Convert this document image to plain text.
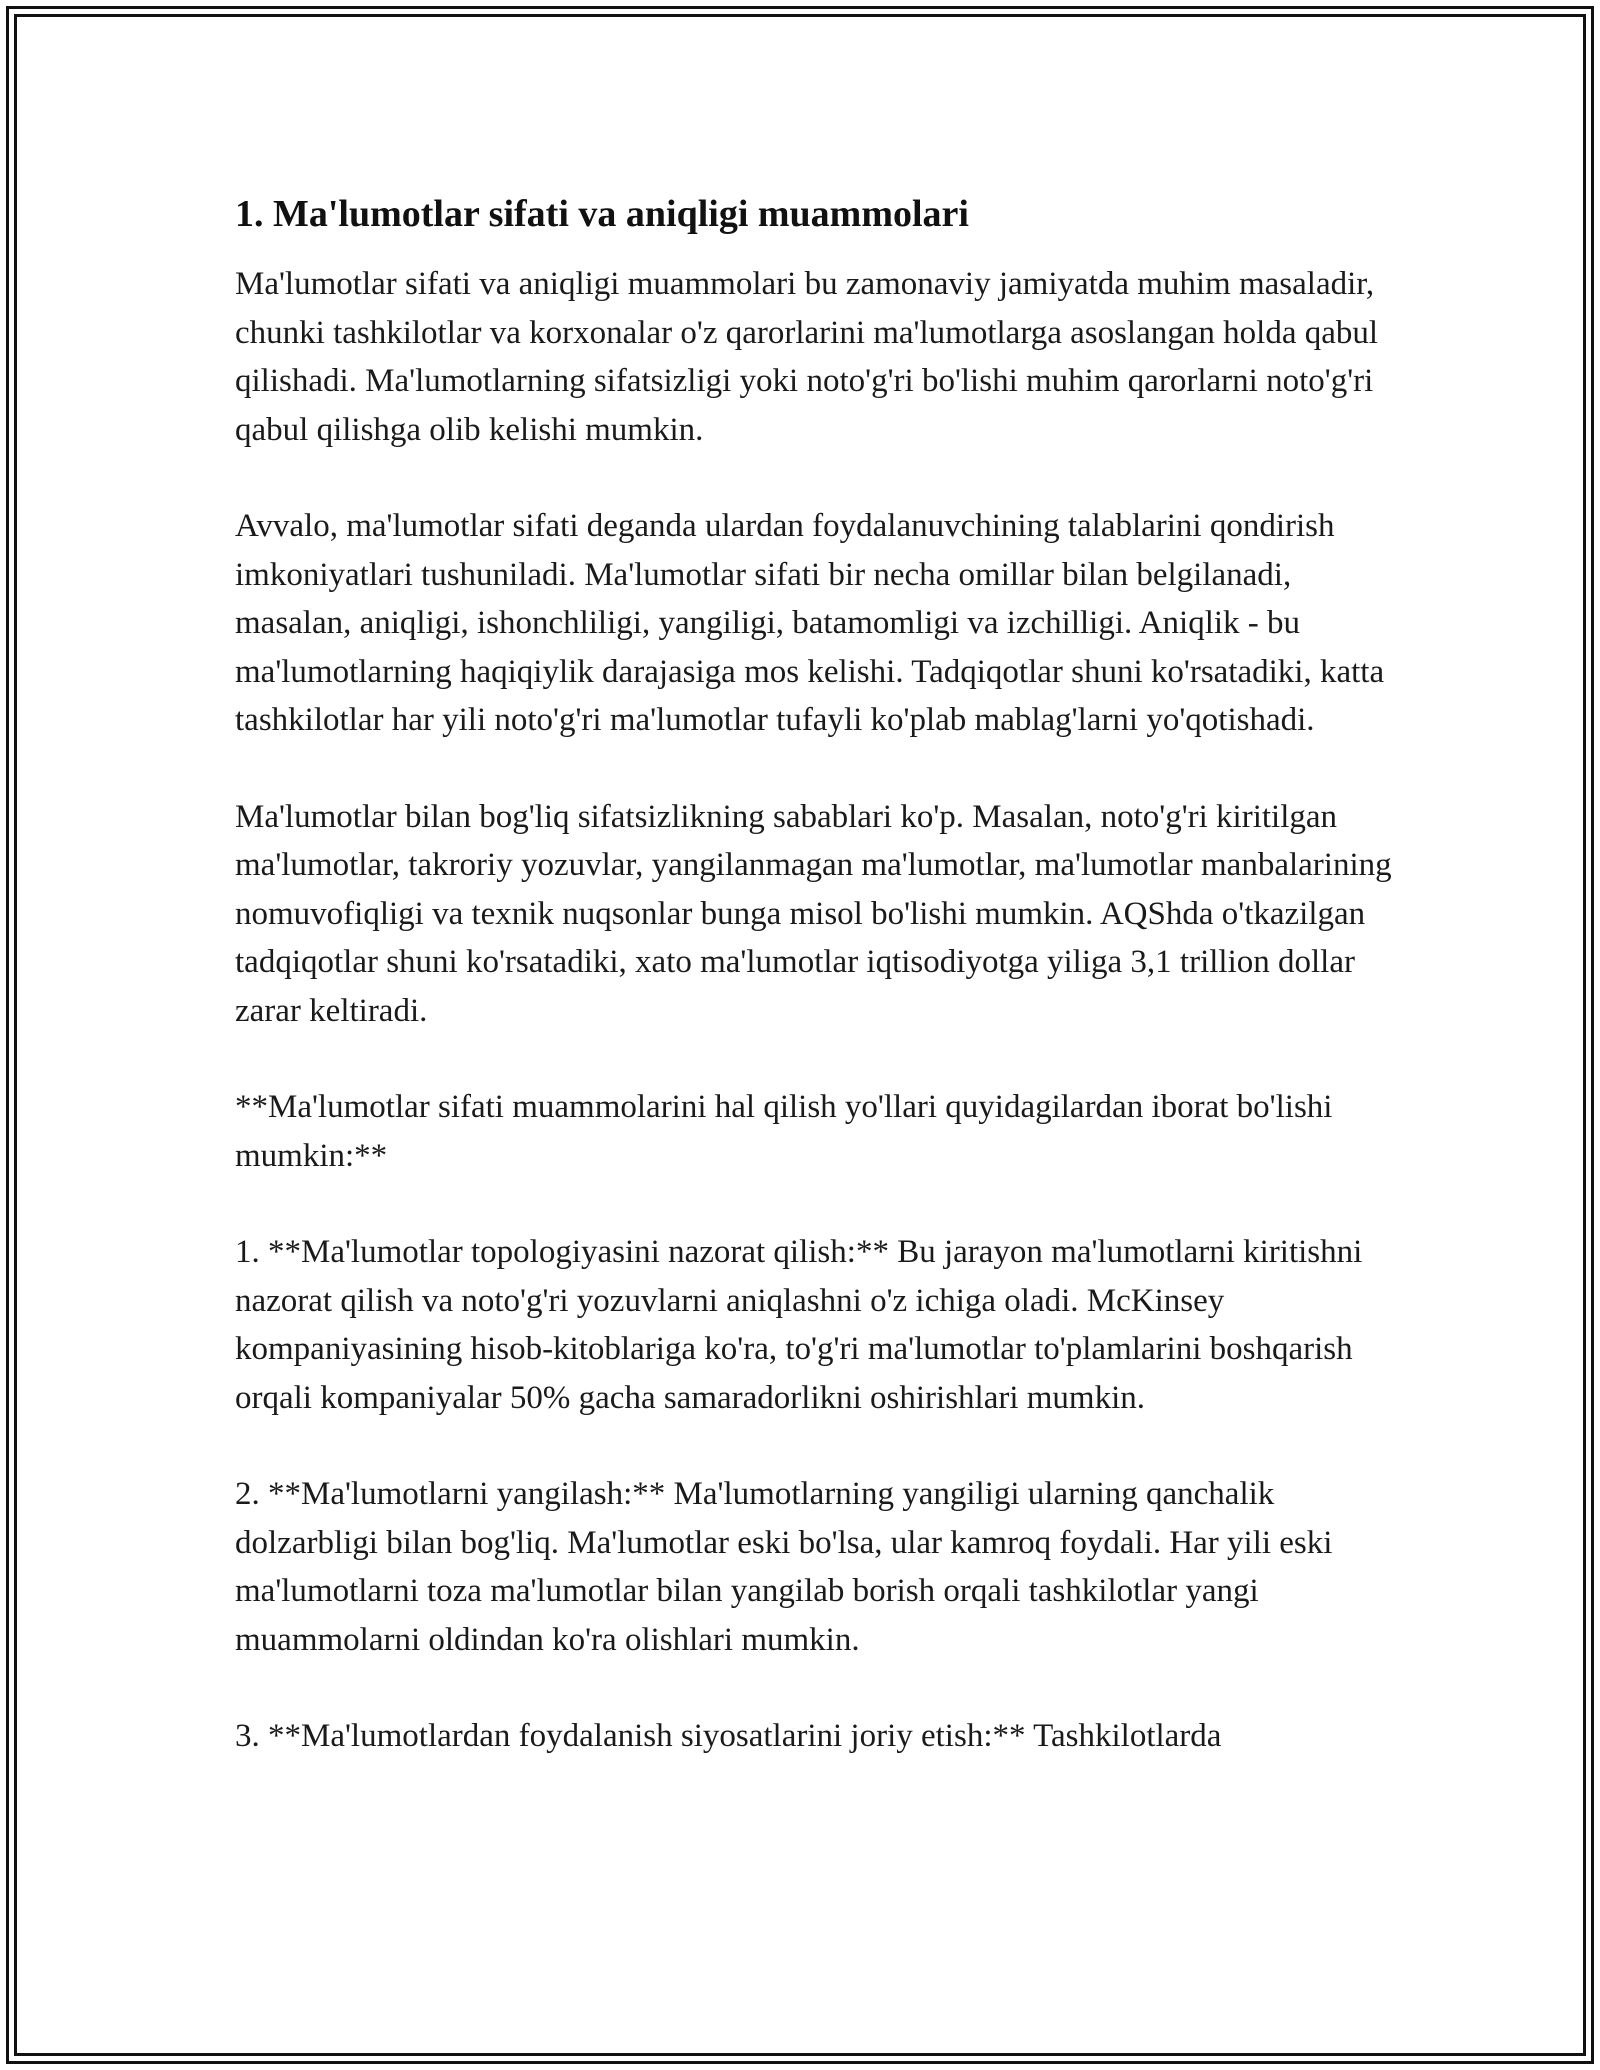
1. Ma'lumotlar sifati va aniqligi muammolari

Ma'lumotlar sifati va aniqligi muammolari bu zamonaviy jamiyatda muhim masaladir, chunki tashkilotlar va korxonalar o'z qarorlarini ma'lumotlarga asoslangan holda qabul qilishadi. Ma'lumotlarning sifatsizligi yoki noto'g'ri bo'lishi muhim qarorlarni noto'g'ri qabul qilishga olib kelishi mumkin.

Avvalo, ma'lumotlar sifati deganda ulardan foydalanuvchining talablarini qondirish imkoniyatlari tushuniladi. Ma'lumotlar sifati bir necha omillar bilan belgilanadi, masalan, aniqligi, ishonchliligi, yangiligi, batamomligi va izchilligi. Aniqlik - bu ma'lumotlarning haqiqiylik darajasiga mos kelishi. Tadqiqotlar shuni ko'rsatadiki, katta tashkilotlar har yili noto'g'ri ma'lumotlar tufayli ko'plab mablag'larni yo'qotishadi.

Ma'lumotlar bilan bog'liq sifatsizlikning sabablari ko'p. Masalan, noto'g'ri kiritilgan ma'lumotlar, takroriy yozuvlar, yangilanmagan ma'lumotlar, ma'lumotlar manbalarining nomuvofiqligi va texnik nuqsonlar bunga misol bo'lishi mumkin. AQShda o'tkazilgan tadqiqotlar shuni ko'rsatadiki, xato ma'lumotlar iqtisodiyotga yiliga 3,1 trillion dollar zarar keltiradi.

**Ma'lumotlar sifati muammolarini hal qilish yo'llari quyidagilardan iborat bo'lishi mumkin:**

1. **Ma'lumotlar topologiyasini nazorat qilish:** Bu jarayon ma'lumotlarni kiritishni nazorat qilish va noto'g'ri yozuvlarni aniqlashni o'z ichiga oladi. McKinsey kompaniyasining hisob-kitoblariga ko'ra, to'g'ri ma'lumotlar to'plamlarini boshqarish orqali kompaniyalar 50% gacha samaradorlikni oshirishlari mumkin.

2. **Ma'lumotlarni yangilash:** Ma'lumotlarning yangiligi ularning qanchalik dolzarbligi bilan bog'liq. Ma'lumotlar eski bo'lsa, ular kamroq foydali. Har yili eski ma'lumotlarni toza ma'lumotlar bilan yangilab borish orqali tashkilotlar yangi muammolarni oldindan ko'ra olishlari mumkin.

3. **Ma'lumotlardan foydalanish siyosatlarini joriy etish:** Tashkilotlarda
